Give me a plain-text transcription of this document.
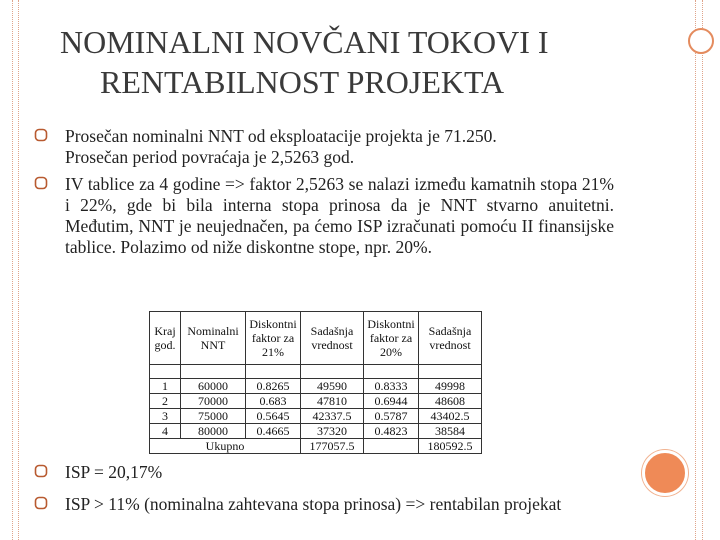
NOMINALNI NOVČANI TOKOVI I
RENTABILNOST PROJEKTA
Prosečan nominalni NNT od eksploatacije projekta je 71.250.
Prosečan period povraćaja je 2,5263 god.
IV tablice za 4 godine => faktor 2,5263 se nalazi između kamatnih stopa 21% i 22%, gde bi bila interna stopa prinosa da je NNT stvarno anuitetni. Međutim, NNT je neujednačen, pa ćemo ISP izračunati pomoću II finansijske tablice. Polazimo od niže diskontne stope, npr. 20%.
Kraj god.	Nominalni NNT	Diskontni faktor za 21%	Sadašnja vrednost	Diskontni faktor za 20%	Sadašnja vrednost

1	60000	0.8265	49590	0.8333	49998
2	70000	0.683	47810	0.6944	48608
3	75000	0.5645	42337.5	0.5787	43402.5
4	80000	0.4665	37320	0.4823	38584
Ukupno			177057.5		180592.5
ISP = 20,17%
ISP > 11% (nominalna zahtevana stopa prinosa) => rentabilan projekat
